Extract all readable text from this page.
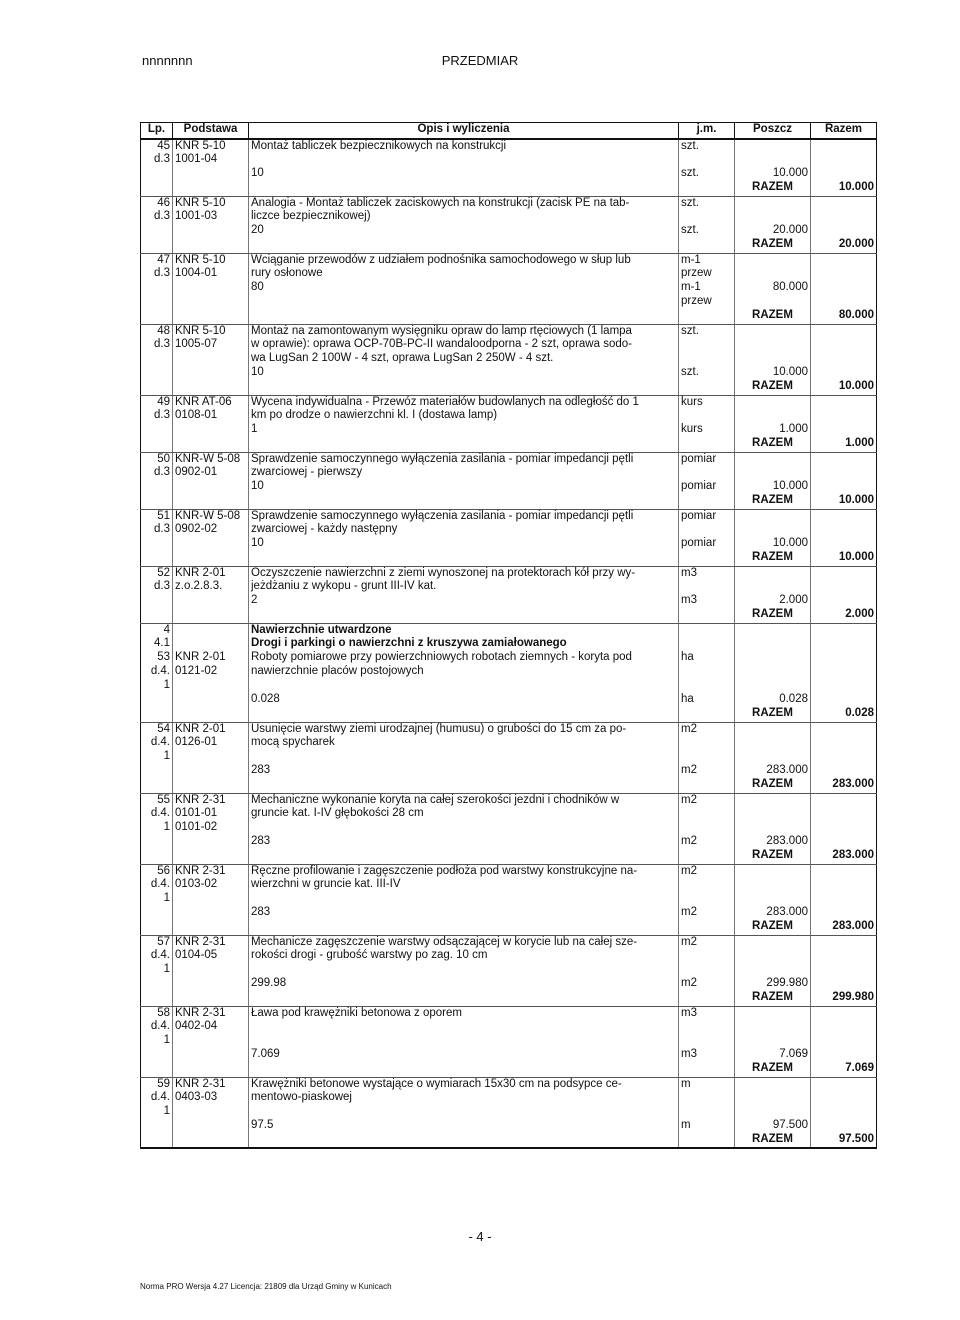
nnnnnnn	PRZEDMIAR
Lp.	Podstawa	Opis i wyliczenia	j.m.	Poszcz	Razem
45	KNR 5-10	Montaż tabliczek bezpiecznikowych na konstrukcji	szt.		
d.3	1001-04				
		10	szt.	10.000	
				RAZEM	10.000
46	KNR 5-10	Analogia - Montaż tabliczek zaciskowych na konstrukcji (zacisk PE na tab-	szt.		
d.3	1001-03	liczce bezpiecznikowej)			
		20	szt.	20.000	
				RAZEM	20.000
47	KNR 5-10	Wciąganie przewodów z udziałem podnośnika samochodowego w słup lub	m-1		
d.3	1004-01	rury osłonowe	przew		
		80	m-1	80.000	
			przew		
				RAZEM	80.000
48	KNR 5-10	Montaż na zamontowanym wysięgniku opraw do lamp rtęciowych (1 lampa	szt.		
d.3	1005-07	w oprawie): oprawa OCP-70B-PC-II wandaloodporna - 2 szt, oprawa sodo-			
		wa LugSan 2 100W - 4 szt, oprawa LugSan 2 250W - 4 szt.			
		10	szt.	10.000	
				RAZEM	10.000
49	KNR AT-06	Wycena indywidualna - Przewóz materiałów budowlanych na odległość do 1	kurs		
d.3	0108-01	km po drodze o nawierzchni kl. I (dostawa lamp)			
		1	kurs	1.000	
				RAZEM	1.000
50	KNR-W 5-08	Sprawdzenie samoczynnego wyłączenia zasilania - pomiar impedancji pętli	pomiar		
d.3	0902-01	zwarciowej - pierwszy			
		10	pomiar	10.000	
				RAZEM	10.000
51	KNR-W 5-08	Sprawdzenie samoczynnego wyłączenia zasilania - pomiar impedancji pętli	pomiar		
d.3	0902-02	zwarciowej - każdy następny			
		10	pomiar	10.000	
				RAZEM	10.000
52	KNR 2-01	Oczyszczenie nawierzchni z ziemi wynoszonej na protektorach kół przy wy-	m3		
d.3	z.o.2.8.3.	jeżdżaniu z wykopu - grunt III-IV kat.			
		2	m3	2.000	
				RAZEM	2.000
4		Nawierzchnie utwardzone			
4.1		Drogi i parkingi o nawierzchni z kruszywa zamiałowanego			
53	KNR 2-01	Roboty pomiarowe przy powierzchniowych robotach ziemnych - koryta pod	ha		
d.4.	0121-02	nawierzchnie placów postojowych			
1					
		0.028	ha	0.028	
				RAZEM	0.028
54	KNR 2-01	Usunięcie warstwy ziemi urodzajnej (humusu) o grubości do 15 cm za po-	m2		
d.4.	0126-01	mocą spycharek			
1					
		283	m2	283.000	
				RAZEM	283.000
55	KNR 2-31	Mechaniczne wykonanie koryta na całej szerokości jezdni i chodników w	m2		
d.4.	0101-01	gruncie kat. I-IV głębokości 28 cm			
1	0101-02				
		283	m2	283.000	
				RAZEM	283.000
56	KNR 2-31	Ręczne profilowanie i zagęszczenie podłoża pod warstwy konstrukcyjne na-	m2		
d.4.	0103-02	wierzchni w gruncie kat. III-IV			
1					
		283	m2	283.000	
				RAZEM	283.000
57	KNR 2-31	Mechanicze zagęszczenie warstwy odsączającej w korycie lub na całej sze-	m2		
d.4.	0104-05	rokości drogi - grubość warstwy po zag. 10 cm			
1					
		299.98	m2	299.980	
				RAZEM	299.980
58	KNR 2-31	Ława pod krawężniki betonowa z oporem	m3		
d.4.	0402-04				
1					
		7.069	m3	7.069	
				RAZEM	7.069
59	KNR 2-31	Krawężniki betonowe wystające o wymiarach 15x30 cm na podsypce ce-	m		
d.4.	0403-03	mentowo-piaskowej			
1					
		97.5	m	97.500	
				RAZEM	97.500
- 4 -
Norma PRO Wersja 4.27 Licencja: 21809 dla Urząd Gminy w Kunicach
